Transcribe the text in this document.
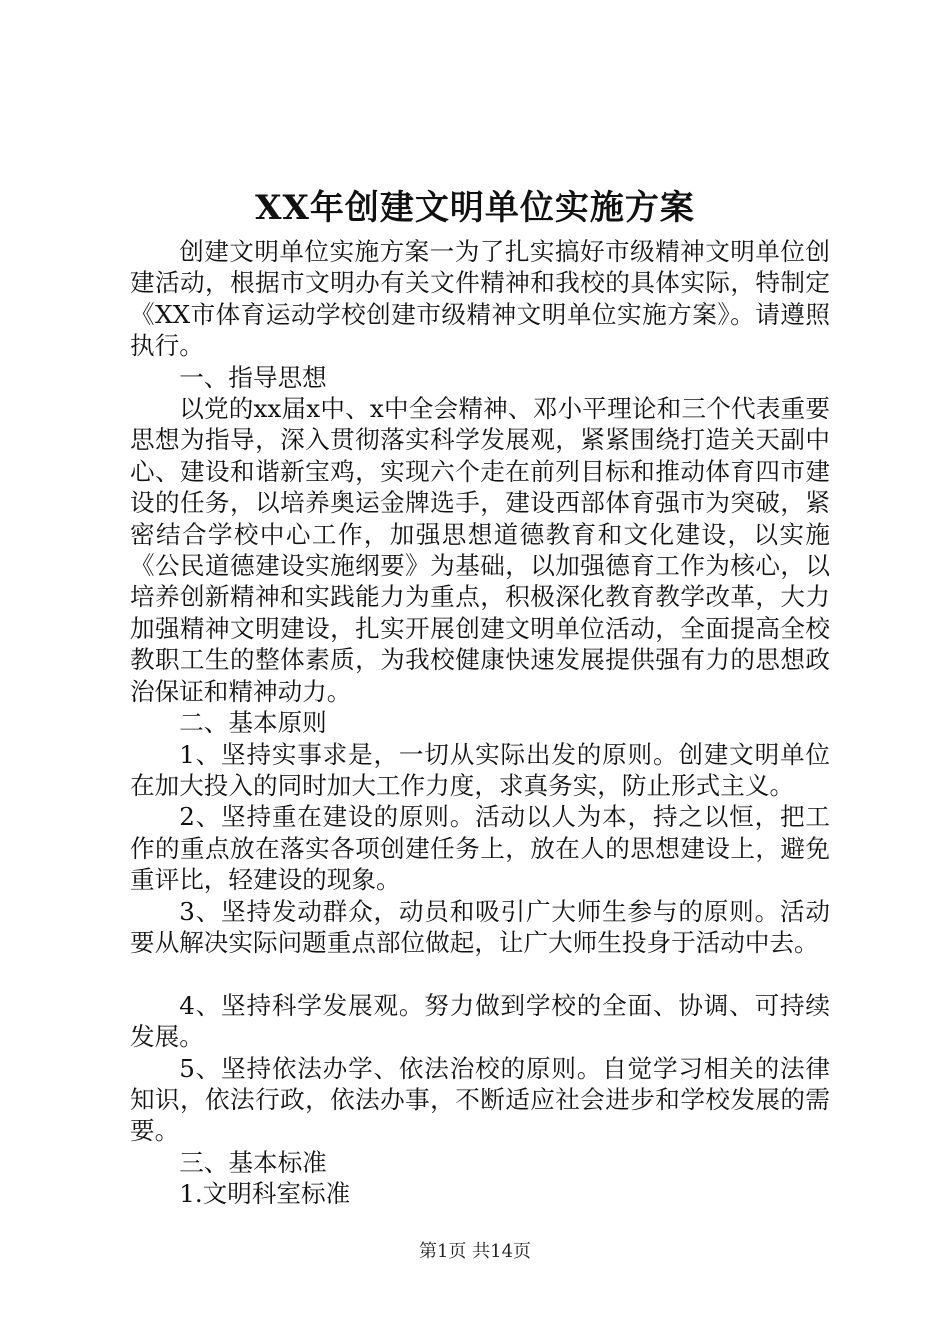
XX年创建文明单位实施方案

创建文明单位实施方案一为了扎实搞好市级精神文明单位创建活动，根据市文明办有关文件精神和我校的具体实际，特制定《XX市体育运动学校创建市级精神文明单位实施方案》。请遵照执行。

一、指导思想

以党的xx届x中、x中全会精神、邓小平理论和三个代表重要思想为指导，深入贯彻落实科学发展观，紧紧围绕打造关天副中心、建设和谐新宝鸡，实现六个走在前列目标和推动体育四市建设的任务，以培养奥运金牌选手，建设西部体育强市为突破，紧密结合学校中心工作，加强思想道德教育和文化建设，以实施《公民道德建设实施纲要》为基础，以加强德育工作为核心，以培养创新精神和实践能力为重点，积极深化教育教学改革，大力加强精神文明建设，扎实开展创建文明单位活动，全面提高全校教职工生的整体素质，为我校健康快速发展提供强有力的思想政治保证和精神动力。

二、基本原则

1、坚持实事求是，一切从实际出发的原则。创建文明单位在加大投入的同时加大工作力度，求真务实，防止形式主义。

2、坚持重在建设的原则。活动以人为本，持之以恒，把工作的重点放在落实各项创建任务上，放在人的思想建设上，避免重评比，轻建设的现象。

3、坚持发动群众，动员和吸引广大师生参与的原则。活动要从解决实际问题重点部位做起，让广大师生投身于活动中去。

4、坚持科学发展观。努力做到学校的全面、协调、可持续发展。

5、坚持依法办学、依法治校的原则。自觉学习相关的法律知识，依法行政，依法办事，不断适应社会进步和学校发展的需要。

三、基本标准

1.文明科室标准

第1页 共14页
